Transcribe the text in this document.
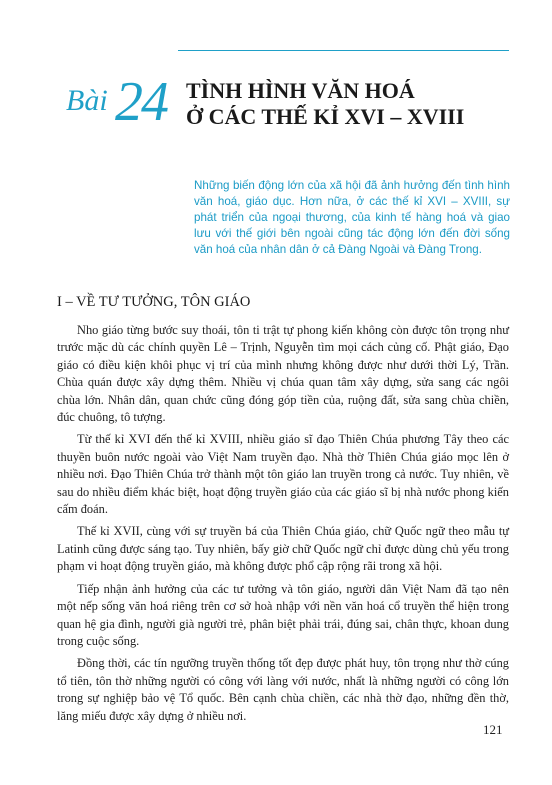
Bài 24 TÌNH HÌNH VĂN HOÁ
Ở CÁC THẾ KỈ XVI – XVIII
Những biến động lớn của xã hội đã ảnh hưởng đến tình hình văn hoá, giáo dục. Hơn nữa, ở các thế kỉ XVI – XVIII, sự phát triển của ngoại thương, của kinh tế hàng hoá và giao lưu với thế giới bên ngoài cũng tác động lớn đến đời sống văn hoá của nhân dân ở cả Đàng Ngoài và Đàng Trong.
I – VỀ TƯ TƯỞNG, TÔN GIÁO

Nho giáo từng bước suy thoái, tôn ti trật tự phong kiến không còn được tôn trọng như trước mặc dù các chính quyền Lê – Trịnh, Nguyễn tìm mọi cách củng cố. Phật giáo, Đạo giáo có điều kiện khôi phục vị trí của mình nhưng không được như dưới thời Lý, Trần. Chùa quán được xây dựng thêm. Nhiều vị chúa quan tâm xây dựng, sửa sang các ngôi chùa lớn. Nhân dân, quan chức cũng đóng góp tiền của, ruộng đất, sửa sang chùa chiền, đúc chuông, tô tượng.

Từ thế kỉ XVI đến thế kỉ XVIII, nhiều giáo sĩ đạo Thiên Chúa phương Tây theo các thuyền buôn nước ngoài vào Việt Nam truyền đạo. Nhà thờ Thiên Chúa giáo mọc lên ở nhiều nơi. Đạo Thiên Chúa trở thành một tôn giáo lan truyền trong cả nước. Tuy nhiên, về sau do nhiều điểm khác biệt, hoạt động truyền giáo của các giáo sĩ bị nhà nước phong kiến cấm đoán.

Thế kỉ XVII, cùng với sự truyền bá của Thiên Chúa giáo, chữ Quốc ngữ theo mẫu tự Latinh cũng được sáng tạo. Tuy nhiên, bấy giờ chữ Quốc ngữ chỉ được dùng chủ yếu trong phạm vi hoạt động truyền giáo, mà không được phổ cập rộng rãi trong xã hội.

Tiếp nhận ảnh hưởng của các tư tưởng và tôn giáo, người dân Việt Nam đã tạo nên một nếp sống văn hoá riêng trên cơ sở hoà nhập với nền văn hoá cổ truyền thể hiện trong quan hệ gia đình, người già người trẻ, phân biệt phải trái, đúng sai, chân thực, khoan dung trong cuộc sống.

Đồng thời, các tín ngưỡng truyền thống tốt đẹp được phát huy, tôn trọng như thờ cúng tổ tiên, tôn thờ những người có công với làng với nước, nhất là những người có công lớn trong sự nghiệp bảo vệ Tổ quốc. Bên cạnh chùa chiền, các nhà thờ đạo, những đền thờ, lăng miếu được xây dựng ở nhiều nơi.

121
